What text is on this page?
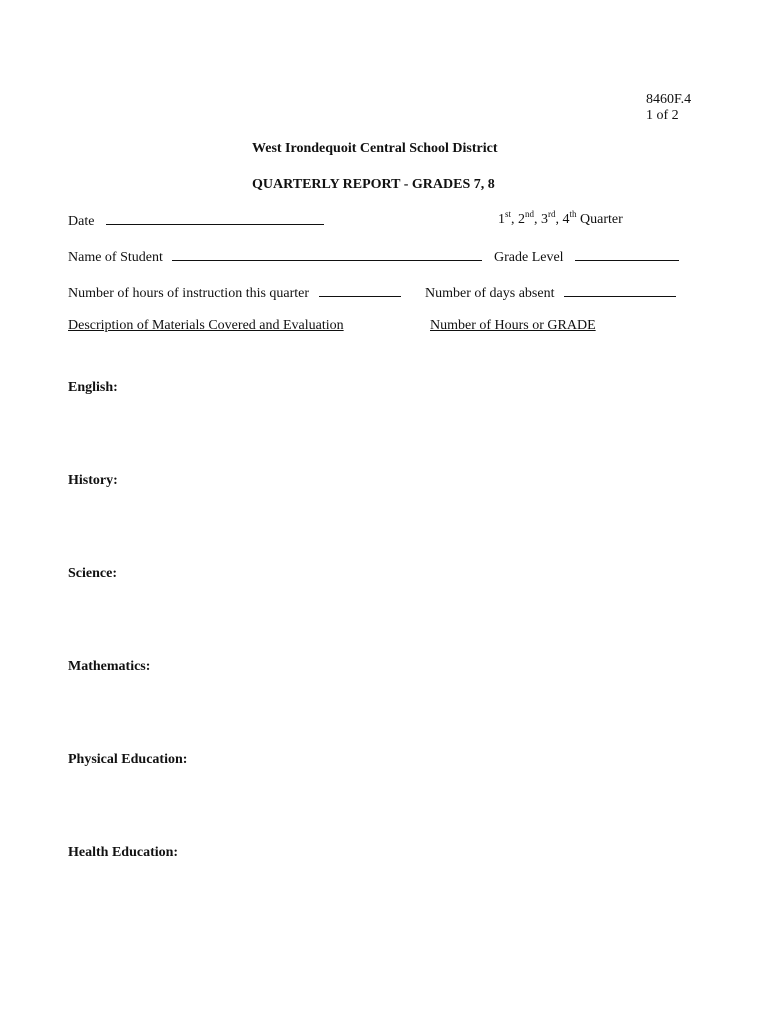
8460F.4
1 of 2
West Irondequoit Central School District
QUARTERLY REPORT - GRADES 7, 8
Date	1st, 2nd, 3rd, 4th Quarter
Name of Student	Grade Level
Number of hours of instruction this quarter	Number of days absent
Description of Materials Covered and Evaluation	Number of Hours or GRADE
English:
History:
Science:
Mathematics:
Physical Education:
Health Education:
